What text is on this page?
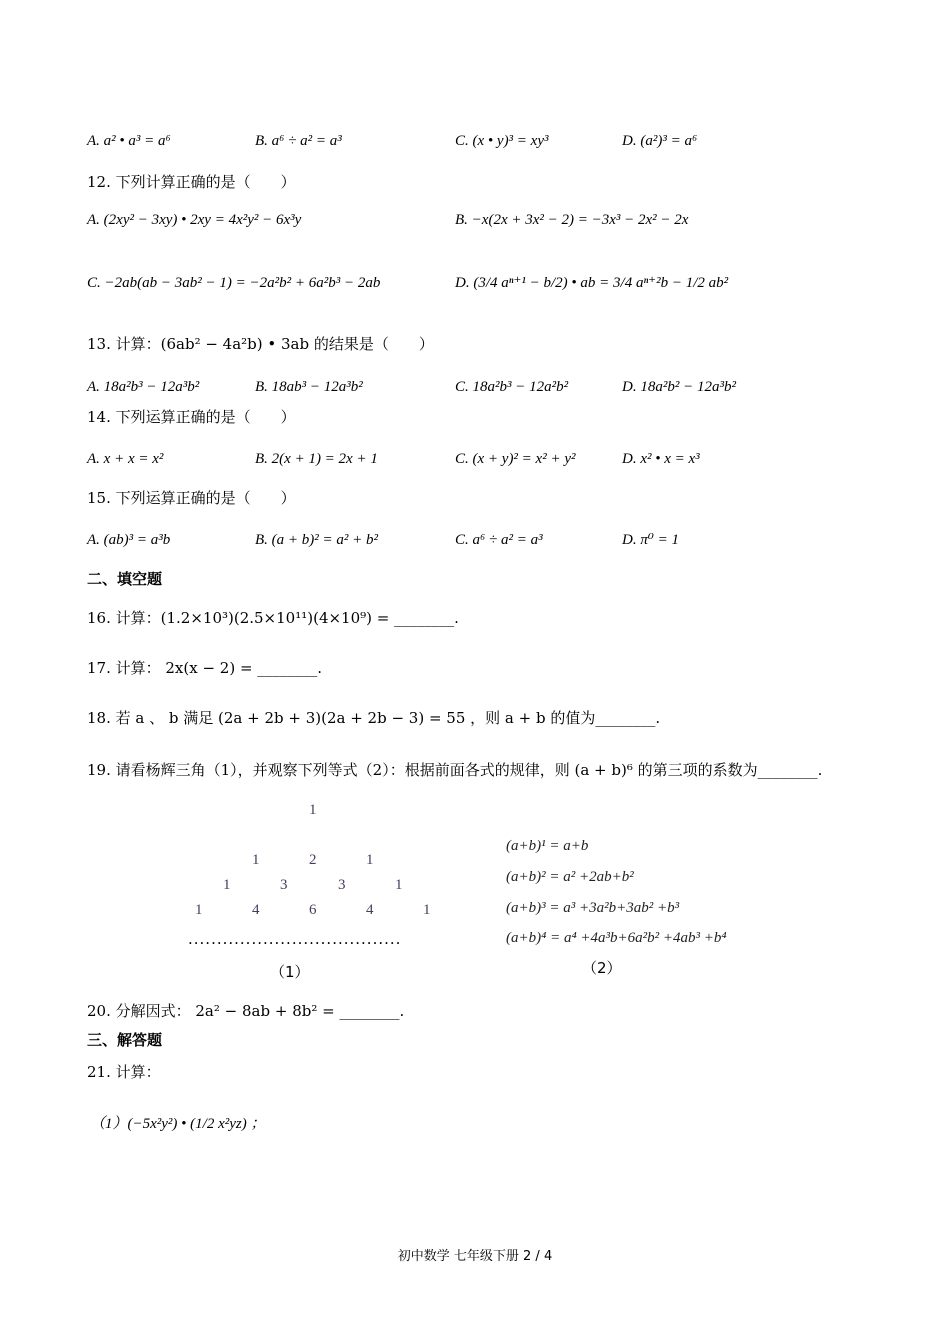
A. a² • a³ = a⁶	B. a⁶ ÷ a² = a³	C. (x • y)³ = xy³	D. (a²)³ = a⁶
12. 下列计算正确的是（　　）
A. (2xy² − 3xy) • 2xy = 4x²y² − 6x³y	B. −x(2x + 3x² − 2) = −3x³ − 2x² − 2x
C. −2ab(ab − 3ab² − 1) = −2a²b² + 6a²b³ − 2ab	D. (3/4 aⁿ⁺¹ − b/2) • ab = 3/4 aⁿ⁺²b − 1/2 ab²
13. 计算：(6ab² − 4a²b) • 3ab 的结果是（　　）
A. 18a²b³ − 12a³b²	B. 18ab³ − 12a³b²	C. 18a²b³ − 12a²b²	D. 18a²b² − 12a³b²
14. 下列运算正确的是（　　）
A. x + x = x²	B. 2(x + 1) = 2x + 1	C. (x + y)² = x² + y²	D. x² • x = x³
15. 下列运算正确的是（　　）
A. (ab)³ = a³b	B. (a + b)² = a² + b²	C. a⁶ ÷ a² = a³	D. π⁰ = 1
二、填空题
16. 计算：(1.2×10³)(2.5×10¹¹)(4×10⁹) = ________.
17. 计算： 2x(x − 2) = ________.
18. 若 a 、 b 满足 (2a + 2b + 3)(2a + 2b − 3) = 55 ，则 a + b 的值为________.
19. 请看杨辉三角（1），并观察下列等式（2）：根据前面各式的规律，则 (a + b)⁶ 的第三项的系数为________.
1
1	2	1
1	3	3	1
1	4	6	4	1
·····································
（1）
(a+b)¹ = a+b
(a+b)² = a² +2ab+b²
(a+b)³ = a³ +3a²b+3ab² +b³
(a+b)⁴ = a⁴ +4a³b+6a²b² +4ab³ +b⁴
（2）
20. 分解因式： 2a² − 8ab + 8b² = ________.
三、解答题
21. 计算：
（1）(−5x²y²) • (1/2 x²yz) ；
初中数学 七年级下册 2 / 4
